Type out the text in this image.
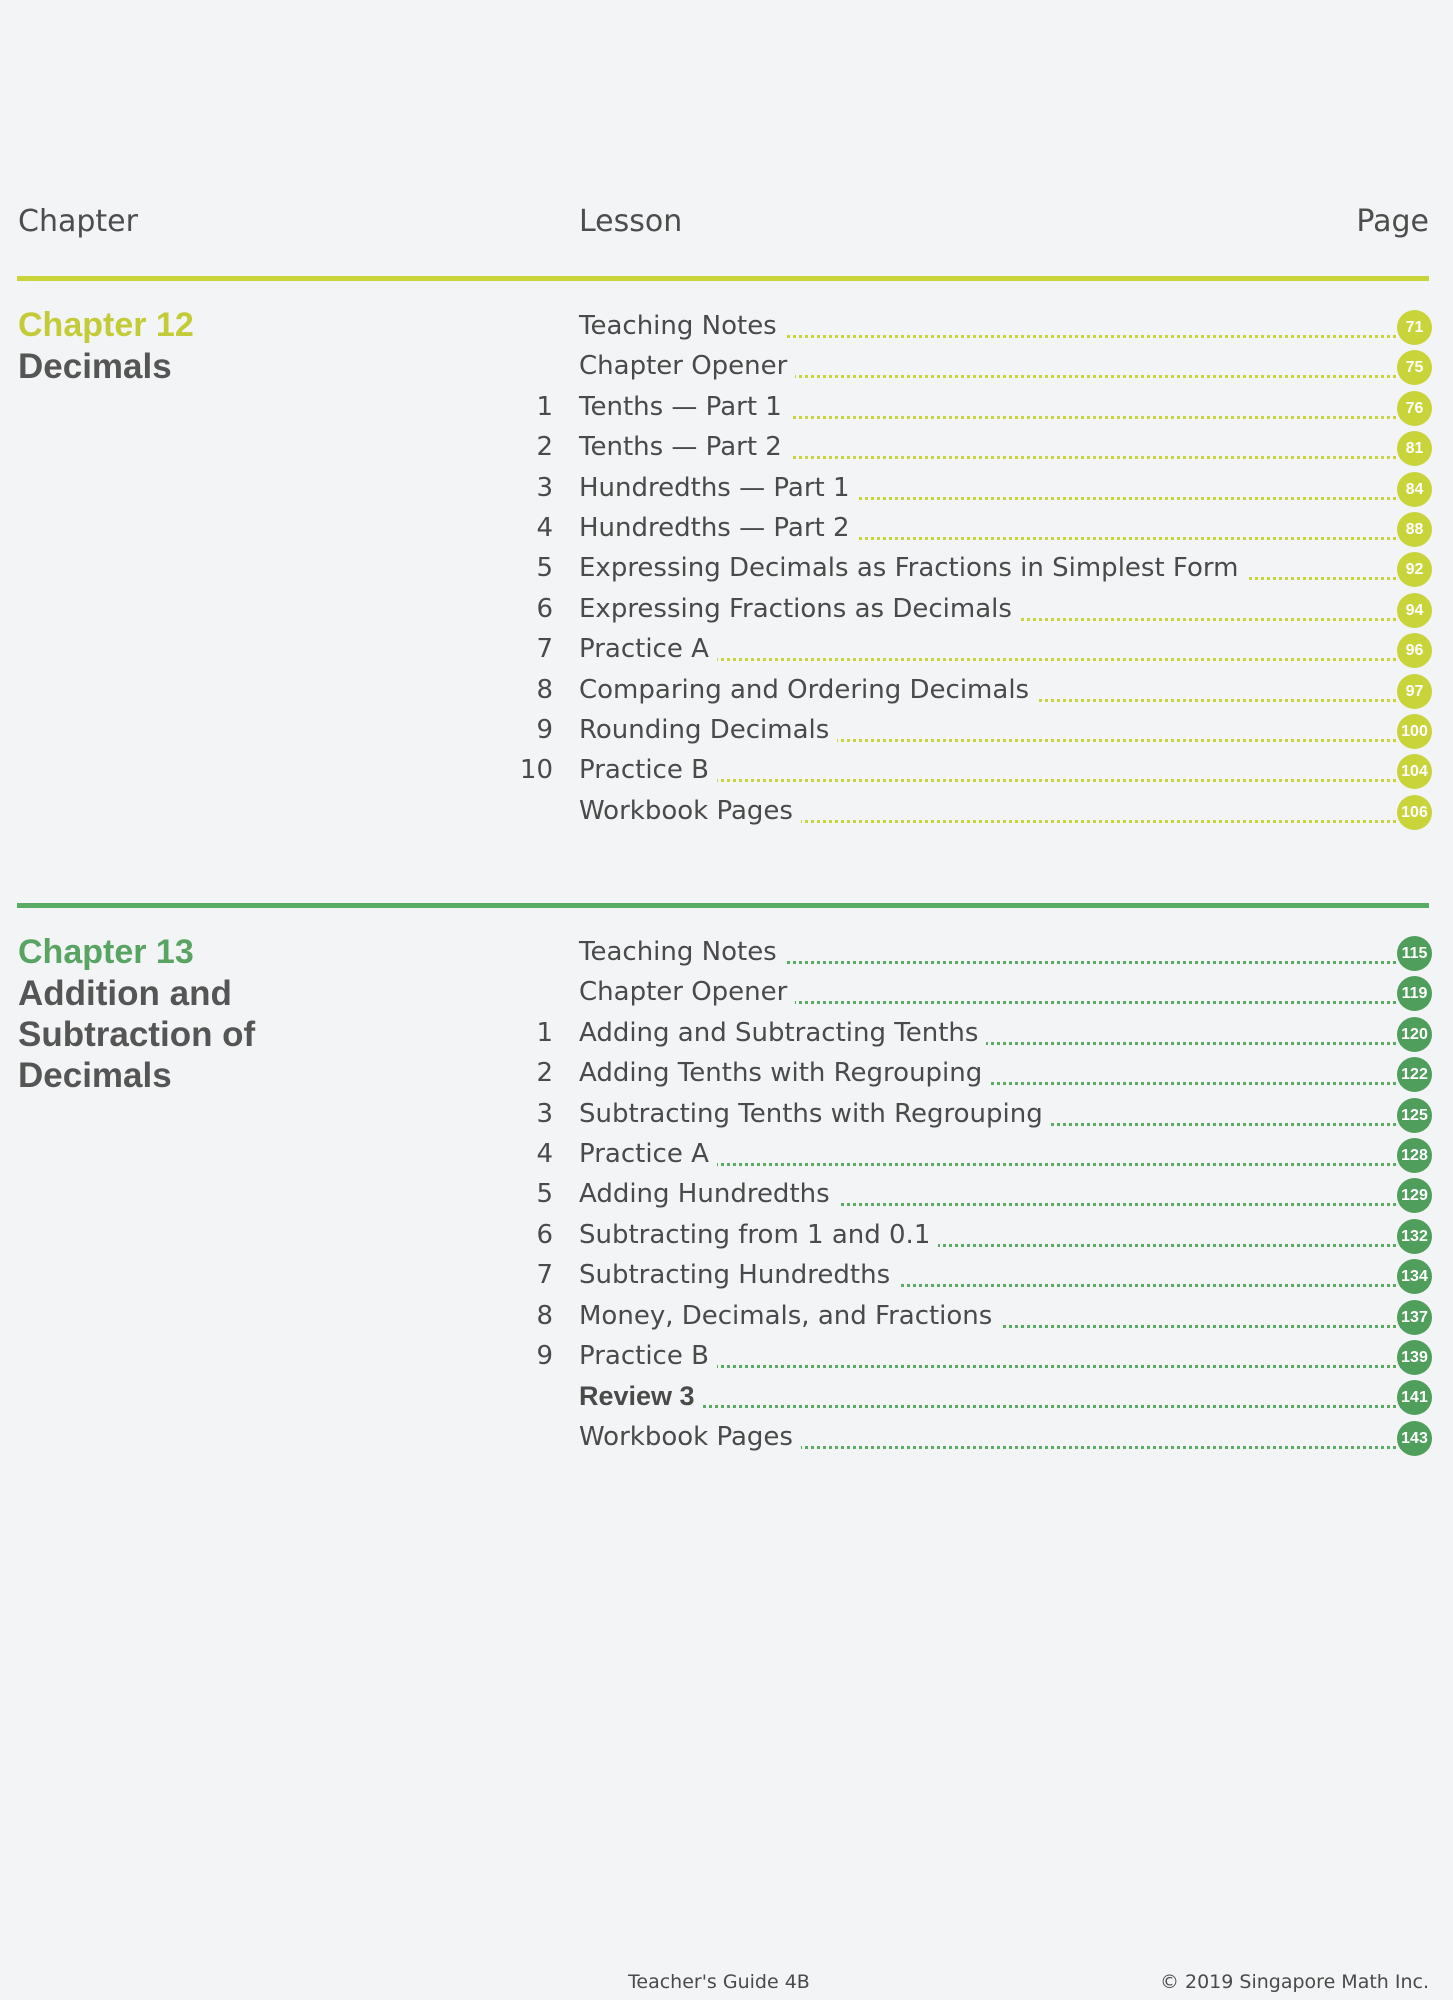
Chapter	Lesson	Page
Chapter 12
Decimals
Teaching Notes	71
Chapter Opener	75
1 Tenths — Part 1	76
2 Tenths — Part 2	81
3 Hundredths — Part 1	84
4 Hundredths — Part 2	88
5 Expressing Decimals as Fractions in Simplest Form	92
6 Expressing Fractions as Decimals	94
7 Practice A	96
8 Comparing and Ordering Decimals	97
9 Rounding Decimals	100
10 Practice B	104
Workbook Pages	106
Chapter 13
Addition and Subtraction of Decimals
Teaching Notes	115
Chapter Opener	119
1 Adding and Subtracting Tenths	120
2 Adding Tenths with Regrouping	122
3 Subtracting Tenths with Regrouping	125
4 Practice A	128
5 Adding Hundredths	129
6 Subtracting from 1 and 0.1	132
7 Subtracting Hundredths	134
8 Money, Decimals, and Fractions	137
9 Practice B	139
Review 3	141
Workbook Pages	143
Teacher's Guide 4B	© 2019 Singapore Math Inc.
